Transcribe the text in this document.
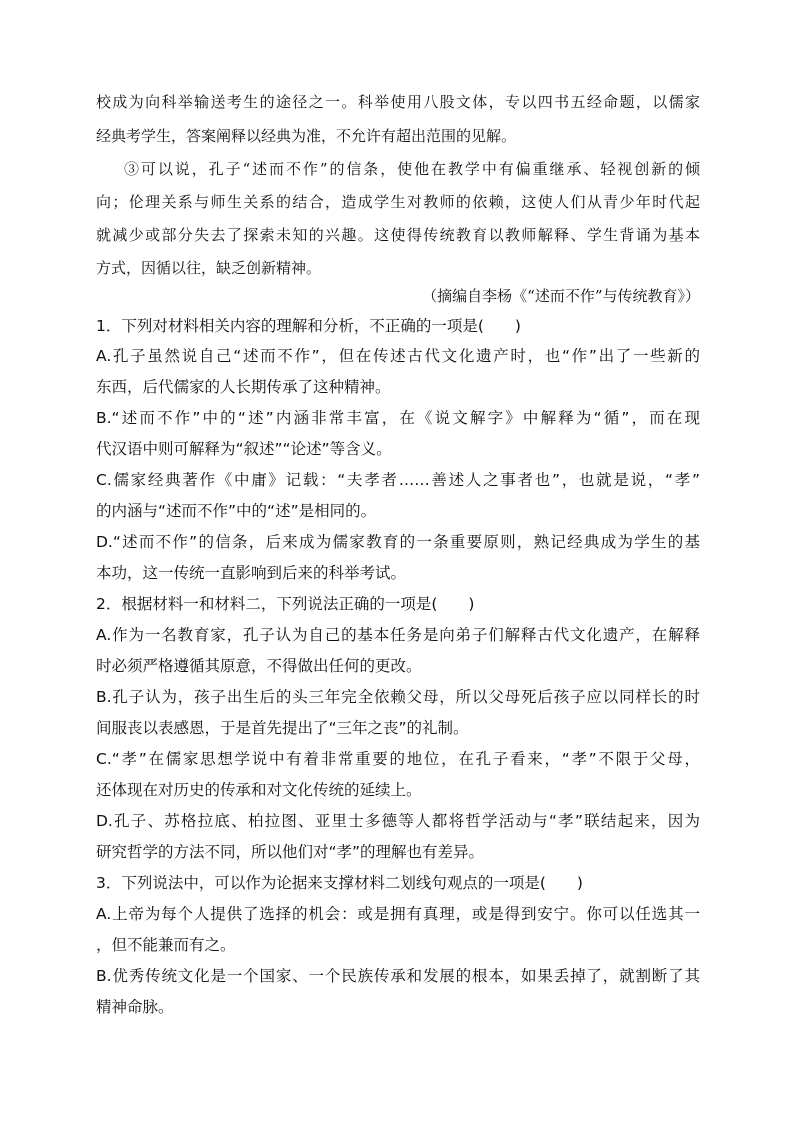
校成为向科举输送考生的途径之一。科举使用八股文体，专以四书五经命题，以儒家
经典考学生，答案阐释以经典为准，不允许有超出范围的见解。
③可以说，孔子“述而不作”的信条，使他在教学中有偏重继承、轻视创新的倾
向；伦理关系与师生关系的结合，造成学生对教师的依赖，这使人们从青少年时代起
就减少或部分失去了探索未知的兴趣。这使得传统教育以教师解释、学生背诵为基本
方式，因循以往，缺乏创新精神。
（摘编自李杨《“述而不作”与传统教育》）
1．下列对材料相关内容的理解和分析，不正确的一项是(　　)
A.孔子虽然说自己“述而不作”，但在传述古代文化遗产时，也“作”出了一些新的
东西，后代儒家的人长期传承了这种精神。
B.“述而不作”中的“述”内涵非常丰富，在《说文解字》中解释为“循”，而在现
代汉语中则可解释为“叙述”“论述”等含义。
C.儒家经典著作《中庸》记载：“夫孝者……善述人之事者也”，也就是说，“孝”
的内涵与“述而不作”中的“述”是相同的。
D.“述而不作”的信条，后来成为儒家教育的一条重要原则，熟记经典成为学生的基
本功，这一传统一直影响到后来的科举考试。
2．根据材料一和材料二，下列说法正确的一项是(　　)
A.作为一名教育家，孔子认为自己的基本任务是向弟子们解释古代文化遗产，在解释
时必须严格遵循其原意，不得做出任何的更改。
B.孔子认为，孩子出生后的头三年完全依赖父母，所以父母死后孩子应以同样长的时
间服丧以表感恩，于是首先提出了“三年之丧”的礼制。
C.“孝”在儒家思想学说中有着非常重要的地位，在孔子看来，“孝”不限于父母，
还体现在对历史的传承和对文化传统的延续上。
D.孔子、苏格拉底、柏拉图、亚里士多德等人都将哲学活动与“孝”联结起来，因为
研究哲学的方法不同，所以他们对“孝”的理解也有差异。
3．下列说法中，可以作为论据来支撑材料二划线句观点的一项是(　　)
A.上帝为每个人提供了选择的机会：或是拥有真理，或是得到安宁。你可以任选其一
，但不能兼而有之。
B.优秀传统文化是一个国家、一个民族传承和发展的根本，如果丢掉了，就割断了其
精神命脉。
